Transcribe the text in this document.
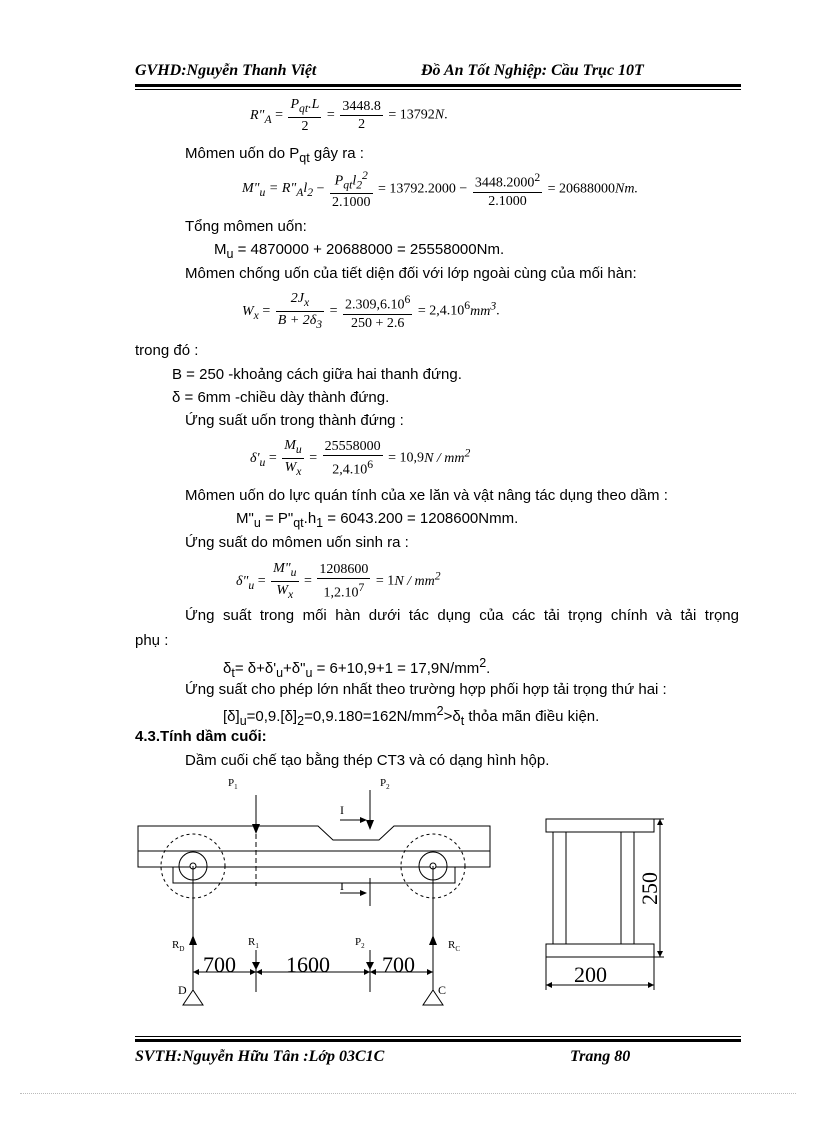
GVHD:Nguyễn Thanh Việt	Đồ An Tốt Nghiệp: Cầu Trục 10T
$R"_A = \frac{P_{qt}.L}{2} = \frac{3448.8}{2} = 13792N$.
Mômen uốn do $P_{qt}$ gây ra :
$M"_u$ = $R"_Al_2 - \frac{P_{qt}l_2^2}{2.1000} = 13792.2000 - \frac{3448.2000^2}{2.1000} = 20688000Nm$.
Tổng mômen uốn:
$M_u = 4870000 + 20688000 = 25558000Nm$.
Mômen chống uốn của tiết diện đối với lớp ngoài cùng của mối hàn:
$W_x = \frac{2J_x}{B + 2\delta_3} = \frac{2.309,6.10^6}{250 + 2.6} = 2,4.10^6mm^3$.
trong đó :
B = 250 -khoảng cách giữa hai thanh đứng.
δ = 6mm -chiều dày thành đứng.
Ứng suất uốn trong thành đứng :
$\delta'_u = \frac{M_u}{W_x} = \frac{25558000}{2,4.10^6} = 10,9N / mm^2$
Mômen uốn do lực quán tính của xe lăn và vật nâng tác dụng theo dầm :
$M"_u$ = $P"_{qt}.h_1 = 6043.200 = 1208600Nmm$.
Ứng suất do mômen uốn sinh ra :
$\delta"_u = \frac{M"_u}{W_x} = \frac{1208600}{1,2.10^7} = 1N / mm^2$
Ứng suất trong mối hàn dưới tác dụng của các tải trọng chính và tải trọng
phụ :
$\delta_t=$ $\delta+\delta'_u+\delta"_u = 6+10,9+1 = 17,9N/mm^2$.
Ứng suất cho phép lớn nhất theo trường hợp phối hợp tải trọng thứ hai :
$[\delta]_u=0,9.[\delta]_2=0,9.180=162N/mm^2>\delta_t$ thỏa mãn điều kiện.
4.3.Tính dầm cuối:
Dầm cuối chế tạo bằng thép CT3 và có dạng hình hộp.
$P_1$	$P_2$
I
I
$R_D$
$R_1$	$P_2$	$R_C$
700 1600 700
D	C
250
200
SVTH:Nguyễn Hữu Tân :Lớp 03C1C	Trang 80
